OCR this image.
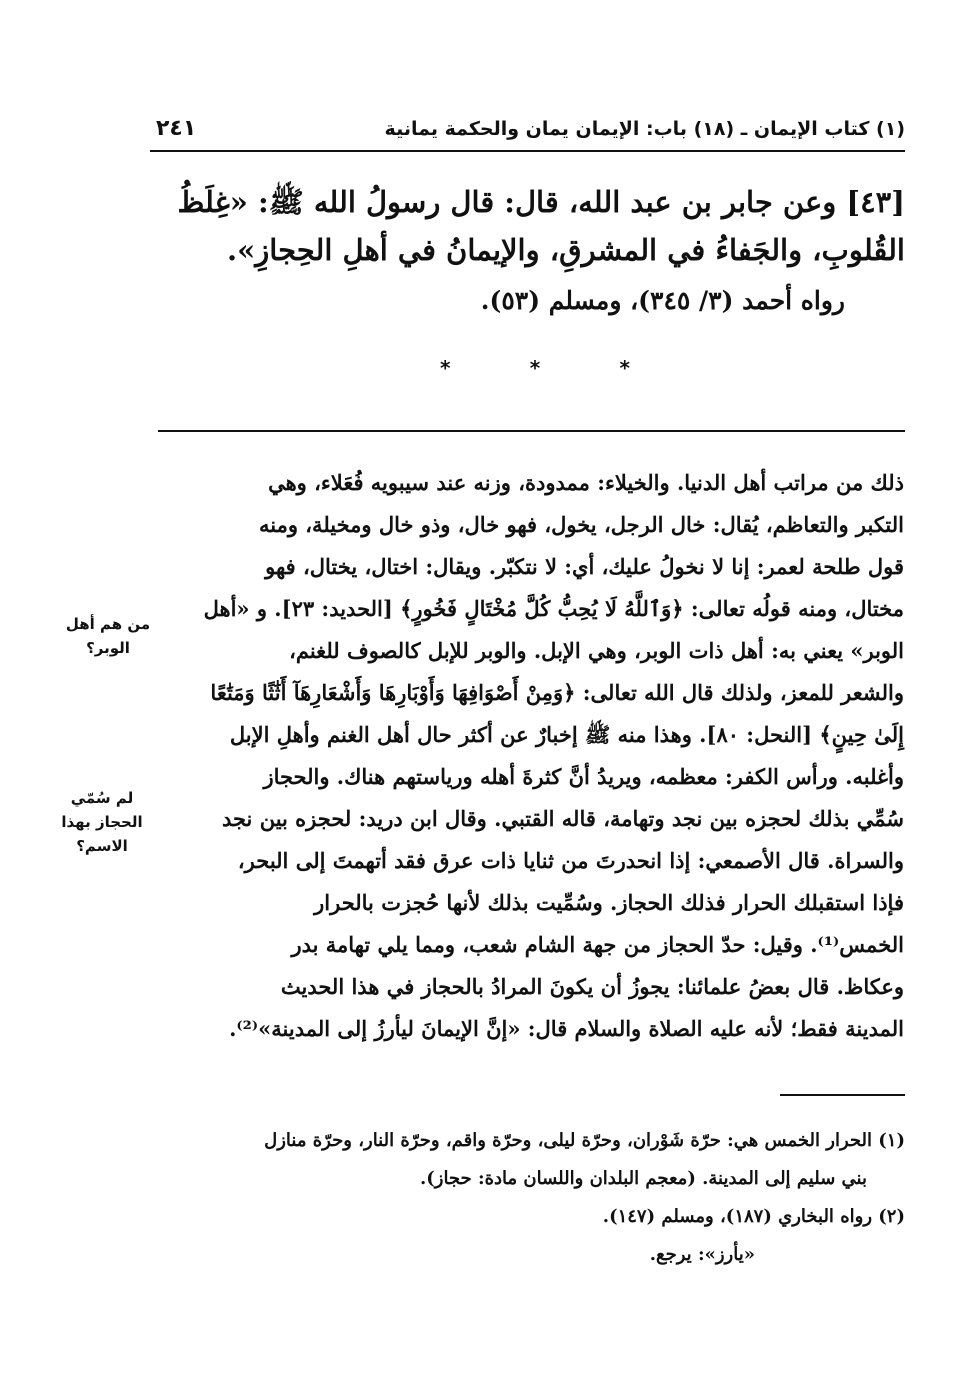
(١) كتاب الإيمان ـ (١٨) باب: الإيمان يمان والحكمة يمانية
٢٤١
[٤٣] وعن جابر بن عبد الله، قال: قال رسولُ الله ﷺ: «غِلَظُ
القُلوبِ، والجَفاءُ في المشرقِ، والإيمانُ في أهلِ الحِجازِ».
رواه أحمد (٣/ ٣٤٥)، ومسلم (٥٣).
*
*
*
ذلك من مراتب أهل الدنيا. والخيلاء: ممدودة، وزنه عند سيبويه فُعَلاء، وهي
التكبر والتعاظم، يُقال: خال الرجل، يخول، فهو خال، وذو خال ومخيلة، ومنه
قول طلحة لعمر: إنا لا نخولُ عليك، أي: لا نتكبّر. ويقال: اختال، يختال، فهو
مختال، ومنه قولُه تعالى: ﴿وَٱللَّهُ لَا يُحِبُّ كُلَّ مُخْتَالٍ فَخُورٍ﴾ [الحديد: ٢٣]. و «أهل
الوبر» يعني به: أهل ذات الوبر، وهي الإبل. والوبر للإبل كالصوف للغنم،
والشعر للمعز، ولذلك قال الله تعالى: ﴿وَمِنْ أَصْوَافِهَا وَأَوْبَارِهَا وَأَشْعَارِهَآ أَثَٰثًا وَمَتَٰعًا
إِلَىٰ حِينٍ﴾ [النحل: ٨٠]. وهذا منه ﷺ إخبارٌ عن أكثر حال أهل الغنم وأهلِ الإبل
وأغلبه. ورأس الكفر: معظمه، ويريدُ أنَّ كثرةَ أهله ورياستهم هناك. والحجاز
سُمِّي بذلك لحجزه بين نجد وتهامة، قاله القتبي. وقال ابن دريد: لحجزه بين نجد
والسراة. قال الأصمعي: إذا انحدرتَ من ثنايا ذات عرق فقد أتهمتَ إلى البحر،
فإذا استقبلك الحرار فذلك الحجاز. وسُمِّيت بذلك لأنها حُجزت بالحرار
الخمس⁽¹⁾. وقيل: حدّ الحجاز من جهة الشام شعب، ومما يلي تهامة بدر
وعكاظ. قال بعضُ علمائنا: يجوزُ أن يكونَ المرادُ بالحجاز في هذا الحديث
المدينة فقط؛ لأنه عليه الصلاة والسلام قال: «إنَّ الإيمانَ ليأرزُ إلى المدينة»⁽²⁾.
من هم أهل
الوبر؟
لم سُمّي
الحجاز بهذا
الاسم؟
(١) الحرار الخمس هي: حرّة شَوْران، وحرّة ليلى، وحرّة واقم، وحرّة النار، وحرّة منازل
بني سليم إلى المدينة. (معجم البلدان واللسان مادة: حجاز).
(٢) رواه البخاري (١٨٧)، ومسلم (١٤٧).
«يأرز»: يرجع.
